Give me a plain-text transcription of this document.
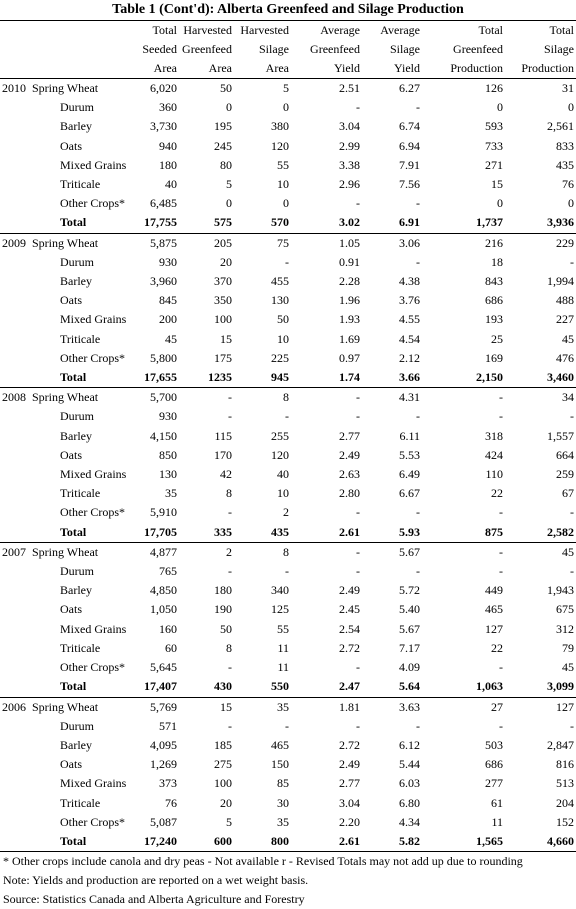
Table 1 (Cont'd): Alberta Greenfeed and Silage Production
		Total	Harvested	Harvested	Average	Average	Total	Total
		Seeded	Greenfeed	Silage	Greenfeed	Silage	Greenfeed	Silage
		Area	Area	Area	Yield	Yield	Production	Production
2010	Spring Wheat	6,020	50	5	2.51	6.27	126	31
	Durum	360	0	0	-	-	0	0
	Barley	3,730	195	380	3.04	6.74	593	2,561
	Oats	940	245	120	2.99	6.94	733	833
	Mixed Grains	180	80	55	3.38	7.91	271	435
	Triticale	40	5	10	2.96	7.56	15	76
	Other Crops*	6,485	0	0	-	-	0	0
	Total	17,755	575	570	3.02	6.91	1,737	3,936
2009	Spring Wheat	5,875	205	75	1.05	3.06	216	229
	Durum	930	20	-	0.91	-	18	-
	Barley	3,960	370	455	2.28	4.38	843	1,994
	Oats	845	350	130	1.96	3.76	686	488
	Mixed Grains	200	100	50	1.93	4.55	193	227
	Triticale	45	15	10	1.69	4.54	25	45
	Other Crops*	5,800	175	225	0.97	2.12	169	476
	Total	17,655	1235	945	1.74	3.66	2,150	3,460
2008	Spring Wheat	5,700	-	8	-	4.31	-	34
	Durum	930	-	-	-	-	-	-
	Barley	4,150	115	255	2.77	6.11	318	1,557
	Oats	850	170	120	2.49	5.53	424	664
	Mixed Grains	130	42	40	2.63	6.49	110	259
	Triticale	35	8	10	2.80	6.67	22	67
	Other Crops*	5,910	-	2	-	-	-	-
	Total	17,705	335	435	2.61	5.93	875	2,582
2007	Spring Wheat	4,877	2	8	-	5.67	-	45
	Durum	765	-	-	-	-	-	-
	Barley	4,850	180	340	2.49	5.72	449	1,943
	Oats	1,050	190	125	2.45	5.40	465	675
	Mixed Grains	160	50	55	2.54	5.67	127	312
	Triticale	60	8	11	2.72	7.17	22	79
	Other Crops*	5,645	-	11	-	4.09	-	45
	Total	17,407	430	550	2.47	5.64	1,063	3,099
2006	Spring Wheat	5,769	15	35	1.81	3.63	27	127
	Durum	571	-	-	-	-	-	-
	Barley	4,095	185	465	2.72	6.12	503	2,847
	Oats	1,269	275	150	2.49	5.44	686	816
	Mixed Grains	373	100	85	2.77	6.03	277	513
	Triticale	76	20	30	3.04	6.80	61	204
	Other Crops*	5,087	5	35	2.20	4.34	11	152
	Total	17,240	600	800	2.61	5.82	1,565	4,660
* Other crops include canola and dry peas - Not available r - Revised Totals may not add up due to rounding
Note: Yields and production are reported on a wet weight basis.
Source: Statistics Canada and Alberta Agriculture and Forestry
